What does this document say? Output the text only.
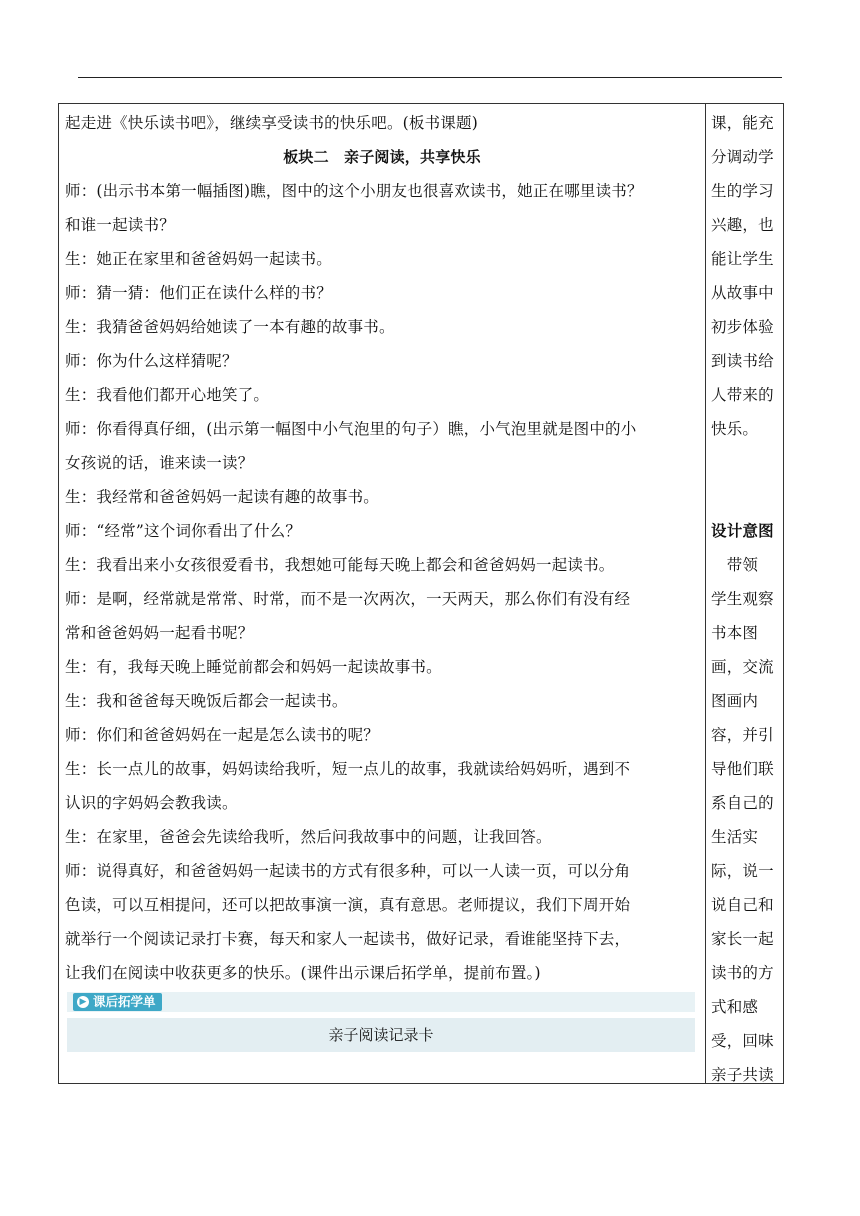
起走进《快乐读书吧》，继续享受读书的快乐吧。(板书课题)
板块二　亲子阅读，共享快乐
师：(出示书本第一幅插图)瞧，图中的这个小朋友也很喜欢读书，她正在哪里读书？
和谁一起读书？
生：她正在家里和爸爸妈妈一起读书。
师：猜一猜：他们正在读什么样的书？
生：我猜爸爸妈妈给她读了一本有趣的故事书。
师：你为什么这样猜呢？
生：我看他们都开心地笑了。
师：你看得真仔细，(出示第一幅图中小气泡里的句子）瞧，小气泡里就是图中的小
女孩说的话，谁来读一读？
生：我经常和爸爸妈妈一起读有趣的故事书。
师：“经常”这个词你看出了什么？
生：我看出来小女孩很爱看书，我想她可能每天晚上都会和爸爸妈妈一起读书。
师：是啊，经常就是常常、时常，而不是一次两次，一天两天，那么你们有没有经
常和爸爸妈妈一起看书呢？
生：有，我每天晚上睡觉前都会和妈妈一起读故事书。
生：我和爸爸每天晚饭后都会一起读书。
师：你们和爸爸妈妈在一起是怎么读书的呢？
生：长一点儿的故事，妈妈读给我听，短一点儿的故事，我就读给妈妈听，遇到不
认识的字妈妈会教我读。
生：在家里，爸爸会先读给我听，然后问我故事中的问题，让我回答。
师：说得真好，和爸爸妈妈一起读书的方式有很多种，可以一人读一页，可以分角
色读，可以互相提问，还可以把故事演一演，真有意思。老师提议，我们下周开始
就举行一个阅读记录打卡赛，每天和家人一起读书，做好记录，看谁能坚持下去，
让我们在阅读中收获更多的快乐。(课件出示课后拓学单，提前布置。)
▶ 课后拓学单
亲子阅读记录卡
课，能充
分调动学
生的学习
兴趣，也
能让学生
从故事中
初步体验
到读书给
人带来的
快乐。
设计意图
　带领
学生观察
书本图
画，交流
图画内
容，并引
导他们联
系自己的
生活实
际，说一
说自己和
家长一起
读书的方
式和感
受，回味
亲子共读
